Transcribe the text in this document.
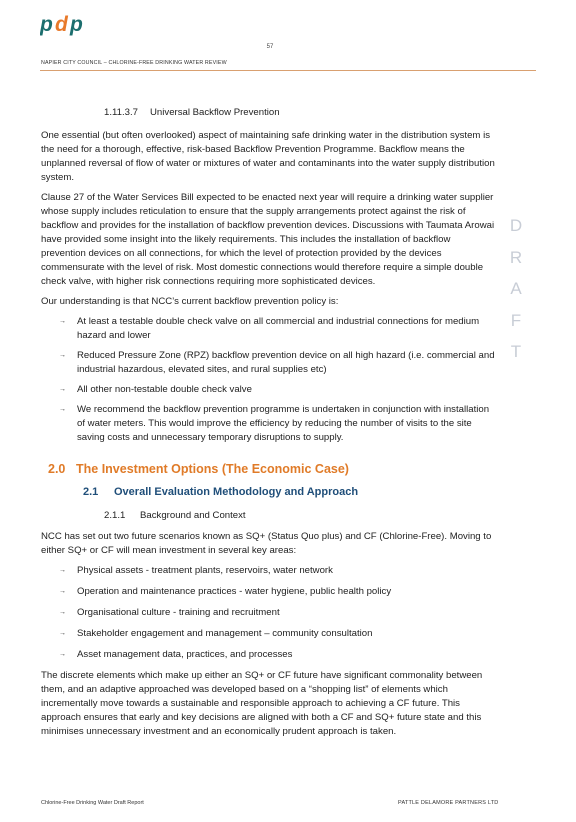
p d p
57
NAPIER CITY COUNCIL – CHLORINE-FREE DRINKING WATER REVIEW
D
R
A
F
T
1.11.3.7 Universal Backflow Prevention

One essential (but often overlooked) aspect of maintaining safe drinking water in the distribution system is the need for a thorough, effective, risk-based Backflow Prevention Programme. Backflow means the unplanned reversal of flow of water or mixtures of water and contaminants into the water supply distribution system.

Clause 27 of the Water Services Bill expected to be enacted next year will require a drinking water supplier whose supply includes reticulation to ensure that the supply arrangements protect against the risk of backflow and provides for the installation of backflow prevention devices. Discussions with Taumata Arowai have provided some insight into the likely requirements. This includes the installation of backflow prevention devices on all connections, for which the level of protection provided by the devices commensurate with the level of risk. Most domestic connections would therefore require a simple double check valve, with higher risk connections requiring more sophisticated devices.

Our understanding is that NCC’s current backflow prevention policy is:

→ At least a testable double check valve on all commercial and industrial connections for medium hazard and lower
→ Reduced Pressure Zone (RPZ) backflow prevention device on all high hazard (i.e. commercial and industrial hazardous, elevated sites, and rural supplies etc)
→ All other non-testable double check valve
→ We recommend the backflow prevention programme is undertaken in conjunction with installation of water meters. This would improve the efficiency by reducing the number of visits to the site saving costs and unnecessary temporary disruptions to supply.
2.0 The Investment Options (The Economic Case)
2.1 Overall Evaluation Methodology and Approach
2.1.1 Background and Context

NCC has set out two future scenarios known as SQ+ (Status Quo plus) and CF (Chlorine-Free). Moving to either SQ+ or CF will mean investment in several key areas:

→ Physical assets - treatment plants, reservoirs, water network
→ Operation and maintenance practices - water hygiene, public health policy
→ Organisational culture - training and recruitment
→ Stakeholder engagement and management – community consultation
→ Asset management data, practices, and processes

The discrete elements which make up either an SQ+ or CF future have significant commonality between them, and an adaptive approached was developed based on a “shopping list” of elements which incrementally move towards a sustainable and responsible approach to achieving a CF future. This approach ensures that early and key decisions are aligned with both a CF and SQ+ future state and this minimises unnecessary investment and an economically prudent approach is taken.

Chlorine-Free Drinking Water Draft Report	PATTLE DELAMORE PARTNERS LTD
